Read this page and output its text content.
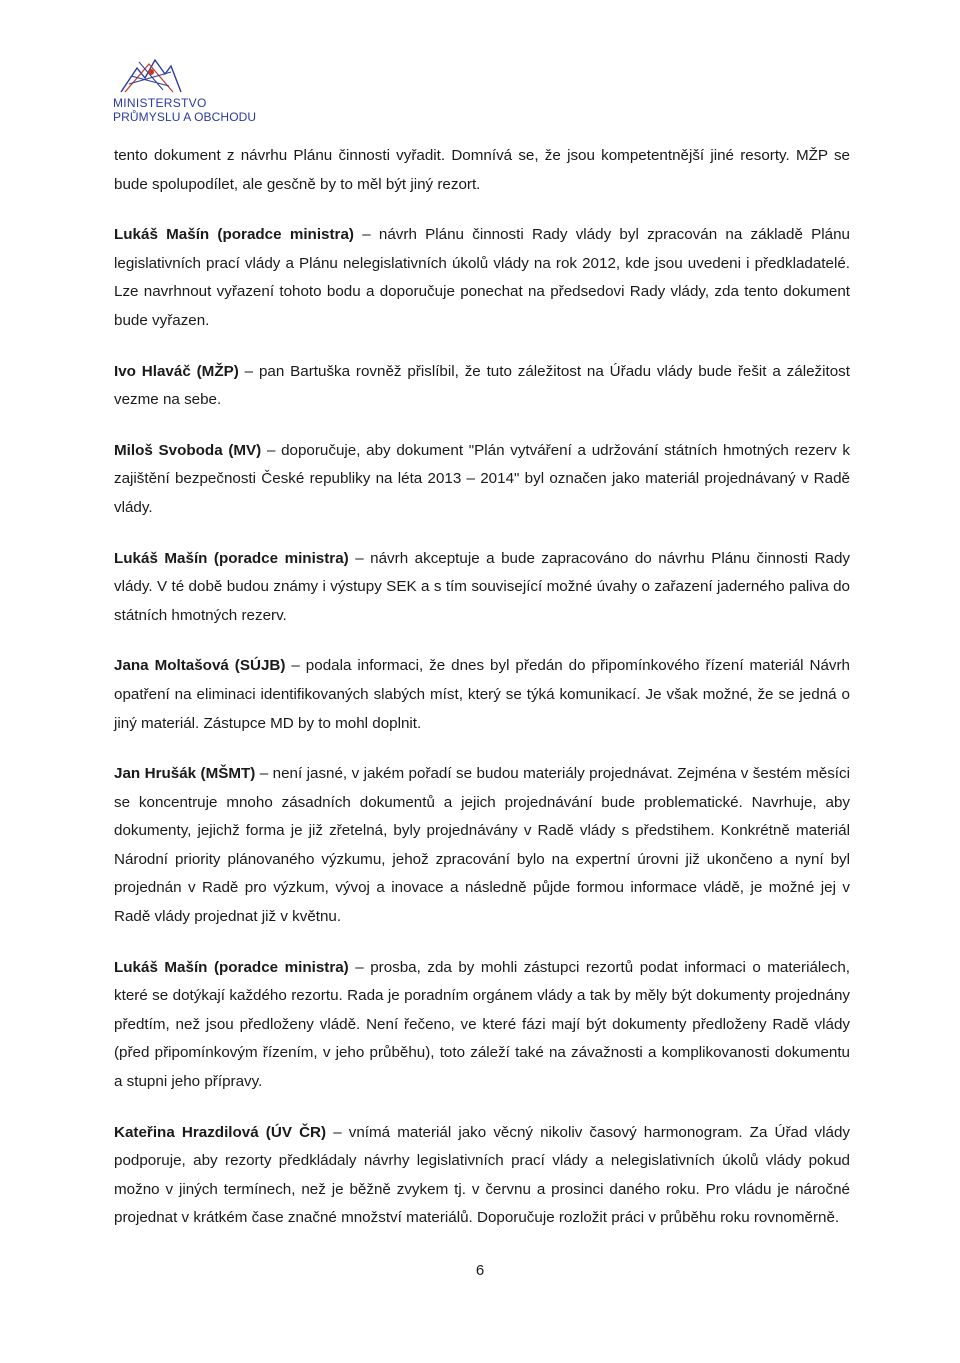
MINISTERSTVO
PRŮMYSLU A OBCHODU

tento dokument z návrhu Plánu činnosti vyřadit. Domnívá se, že jsou kompetentnější jiné resorty. MŽP se bude spolupodílet, ale gesčně by to měl být jiný rezort.

Lukáš Mašín (poradce ministra) – návrh Plánu činnosti Rady vlády byl zpracován na základě Plánu legislativních prací vlády a Plánu nelegislativních úkolů vlády na rok 2012, kde jsou uvedeni i předkladatelé. Lze navrhnout vyřazení tohoto bodu a doporučuje ponechat na předsedovi Rady vlády, zda tento dokument bude vyřazen.

Ivo Hlaváč (MŽP) – pan Bartuška rovněž přislíbil, že tuto záležitost na Úřadu vlády bude řešit a záležitost vezme na sebe.

Miloš Svoboda (MV) – doporučuje, aby dokument "Plán vytváření a udržování státních hmotných rezerv k zajištění bezpečnosti České republiky na léta 2013 – 2014" byl označen jako materiál projednávaný v Radě vlády.

Lukáš Mašín (poradce ministra) – návrh akceptuje a bude zapracováno do návrhu Plánu činnosti Rady vlády. V té době budou známy i výstupy SEK a s tím související možné úvahy o zařazení jaderného paliva do státních hmotných rezerv.

Jana Moltašová (SÚJB) – podala informaci, že dnes byl předán do připomínkového řízení materiál Návrh opatření na eliminaci identifikovaných slabých míst, který se týká komunikací. Je však možné, že se jedná o jiný materiál. Zástupce MD by to mohl doplnit.

Jan Hrušák (MŠMT) – není jasné, v jakém pořadí se budou materiály projednávat. Zejména v šestém měsíci se koncentruje mnoho zásadních dokumentů a jejich projednávání bude problematické. Navrhuje, aby dokumenty, jejichž forma je již zřetelná, byly projednávány v Radě vlády s předstihem. Konkrétně materiál Národní priority plánovaného výzkumu, jehož zpracování bylo na expertní úrovni již ukončeno a nyní byl projednán v Radě pro výzkum, vývoj a inovace a následně půjde formou informace vládě, je možné jej v Radě vlády projednat již v květnu.

Lukáš Mašín (poradce ministra) – prosba, zda by mohli zástupci rezortů podat informaci o materiálech, které se dotýkají každého rezortu. Rada je poradním orgánem vlády a tak by měly být dokumenty projednány předtím, než jsou předloženy vládě. Není řečeno, ve které fázi mají být dokumenty předloženy Radě vlády (před připomínkovým řízením, v jeho průběhu), toto záleží také na závažnosti a komplikovanosti dokumentu a stupni jeho přípravy.

Kateřina Hrazdilová (ÚV ČR) – vnímá materiál jako věcný nikoliv časový harmonogram. Za Úřad vlády podporuje, aby rezorty předkládaly návrhy legislativních prací vlády a nelegislativních úkolů vlády pokud možno v jiných termínech, než je běžně zvykem tj. v červnu a prosinci daného roku. Pro vládu je náročné projednat v krátkém čase značné množství materiálů. Doporučuje rozložit práci v průběhu roku rovnoměrně.

6
